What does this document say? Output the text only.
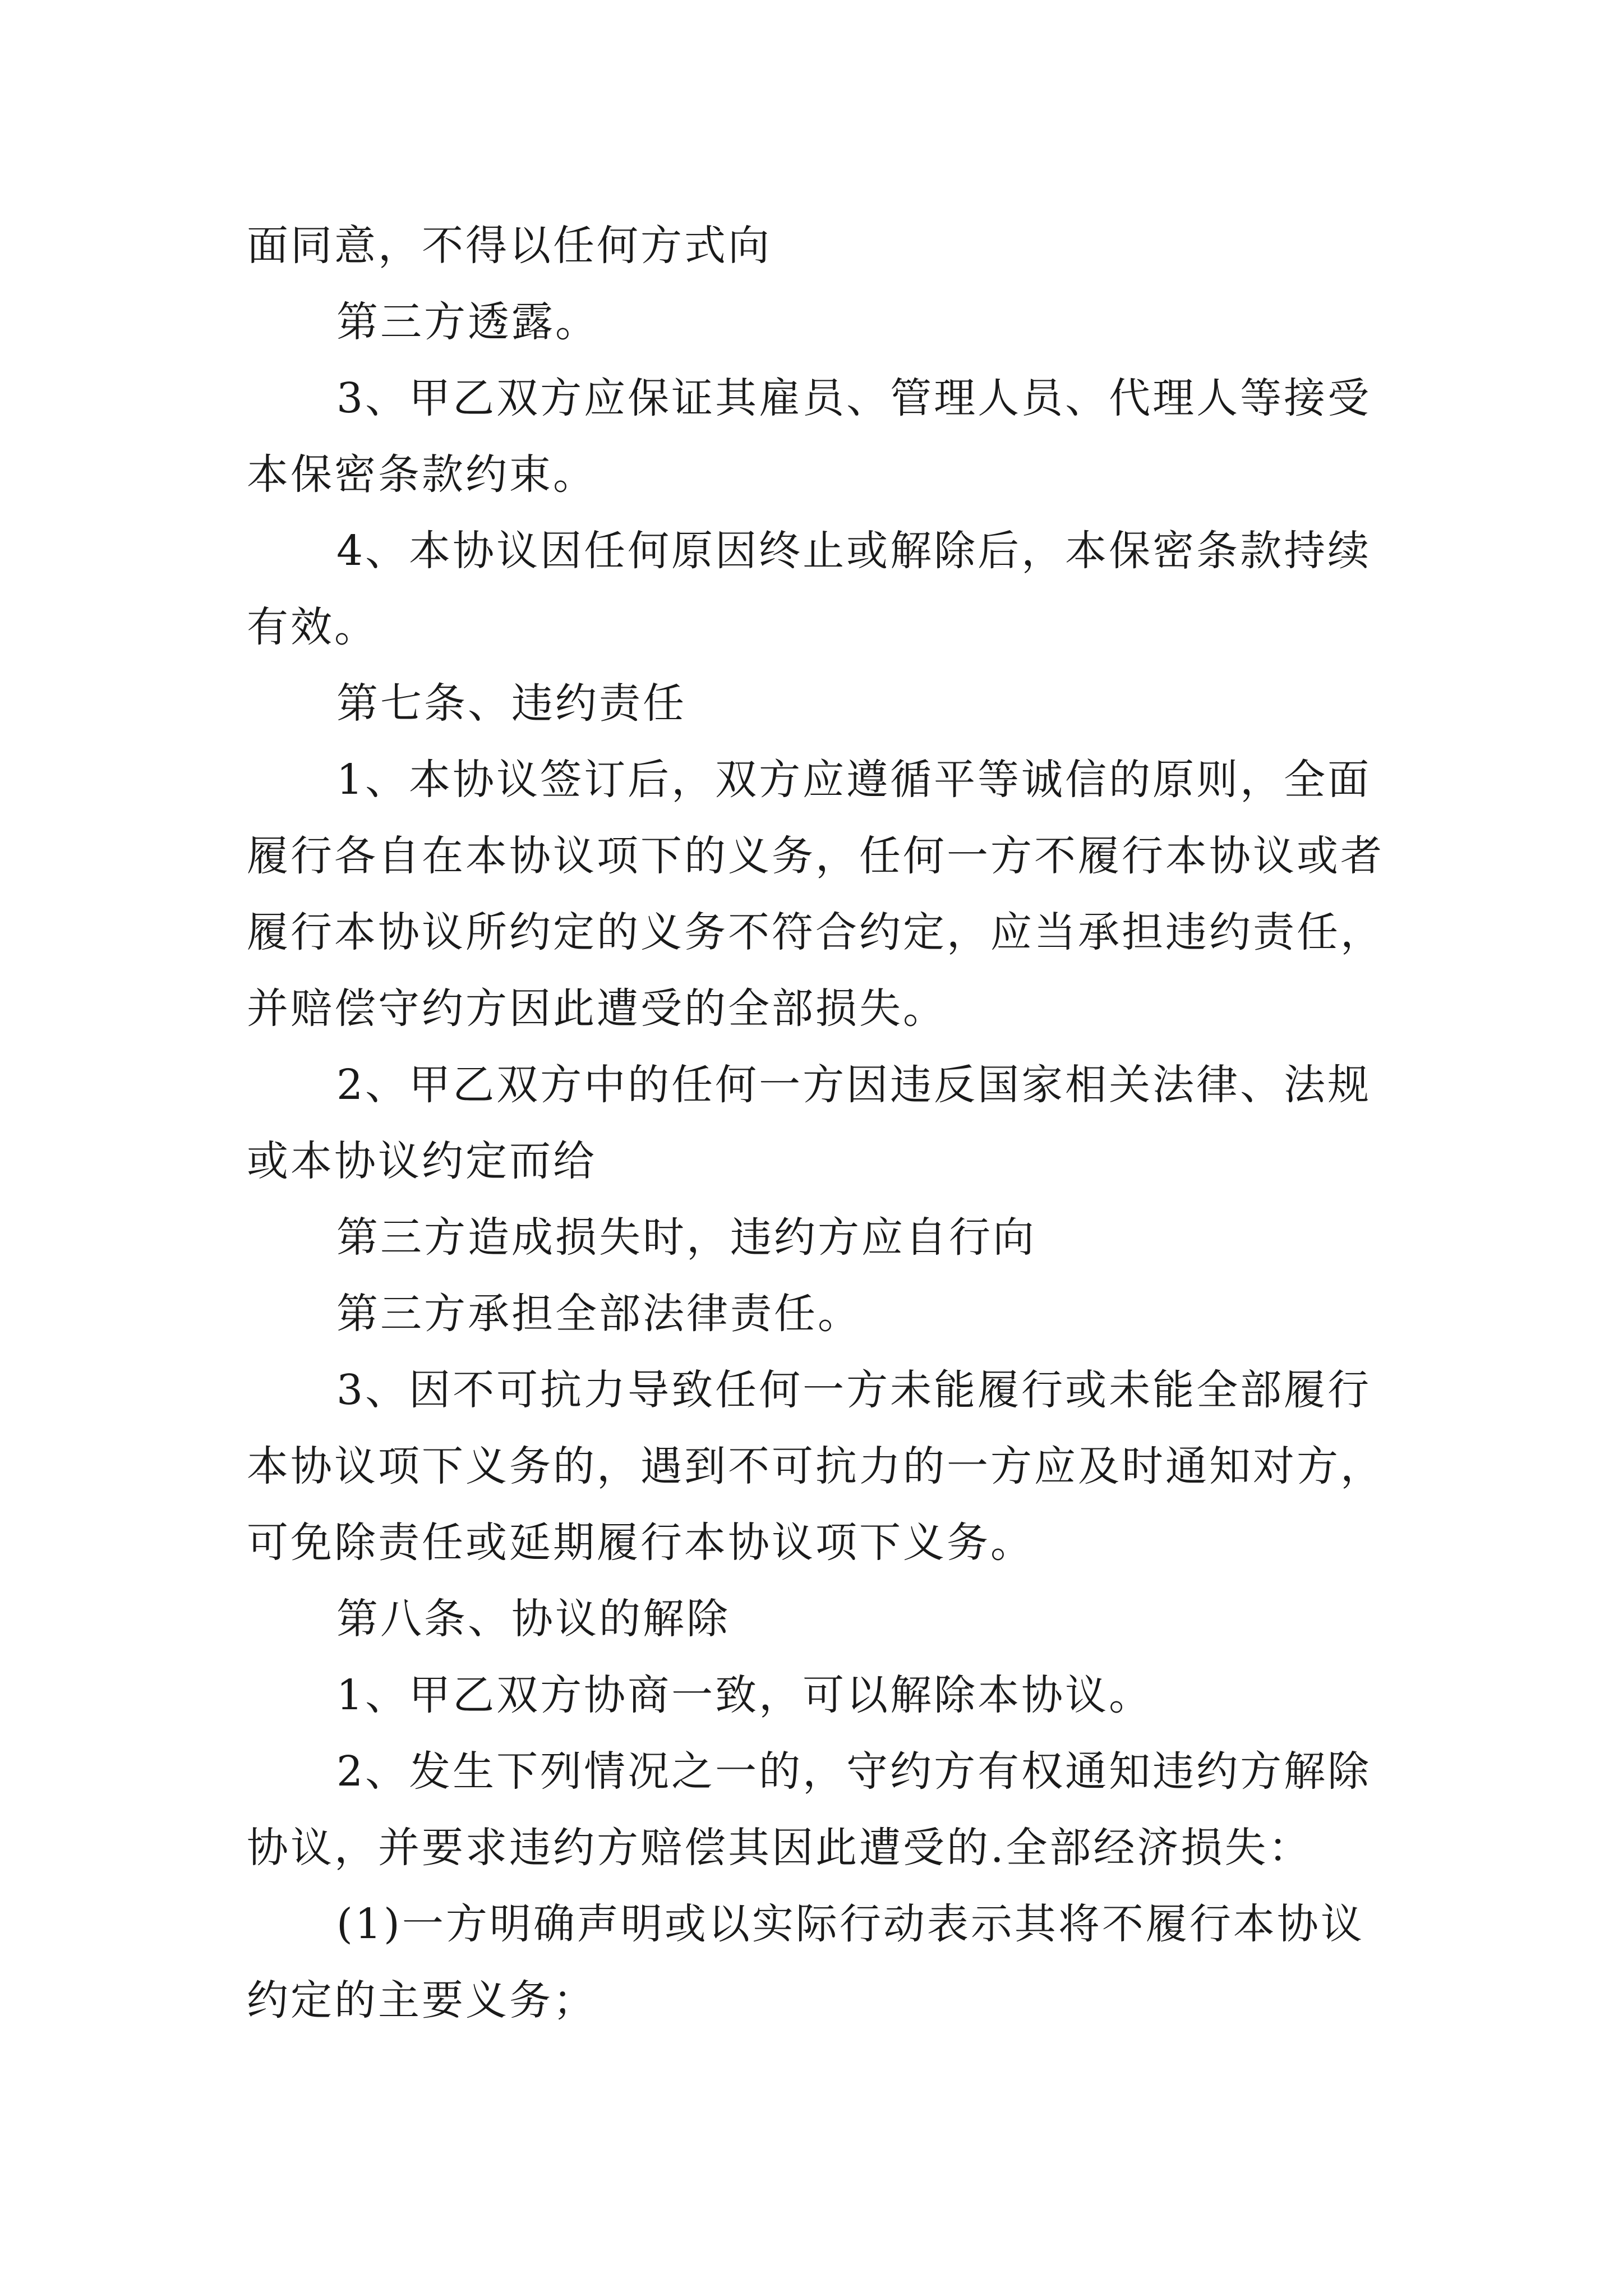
面同意，不得以任何方式向
第三方透露。
3、甲乙双方应保证其雇员、管理人员、代理人等接受
本保密条款约束。
4、本协议因任何原因终止或解除后，本保密条款持续
有效。
第七条、违约责任
1、本协议签订后，双方应遵循平等诚信的原则，全面
履行各自在本协议项下的义务，任何一方不履行本协议或者
履行本协议所约定的义务不符合约定，应当承担违约责任，
并赔偿守约方因此遭受的全部损失。
2、甲乙双方中的任何一方因违反国家相关法律、法规
或本协议约定而给
第三方造成损失时，违约方应自行向
第三方承担全部法律责任。
3、因不可抗力导致任何一方未能履行或未能全部履行
本协议项下义务的，遇到不可抗力的一方应及时通知对方，
可免除责任或延期履行本协议项下义务。
第八条、协议的解除
1、甲乙双方协商一致，可以解除本协议。
2、发生下列情况之一的，守约方有权通知违约方解除
协议，并要求违约方赔偿其因此遭受的.全部经济损失：
(1)一方明确声明或以实际行动表示其将不履行本协议
约定的主要义务；
